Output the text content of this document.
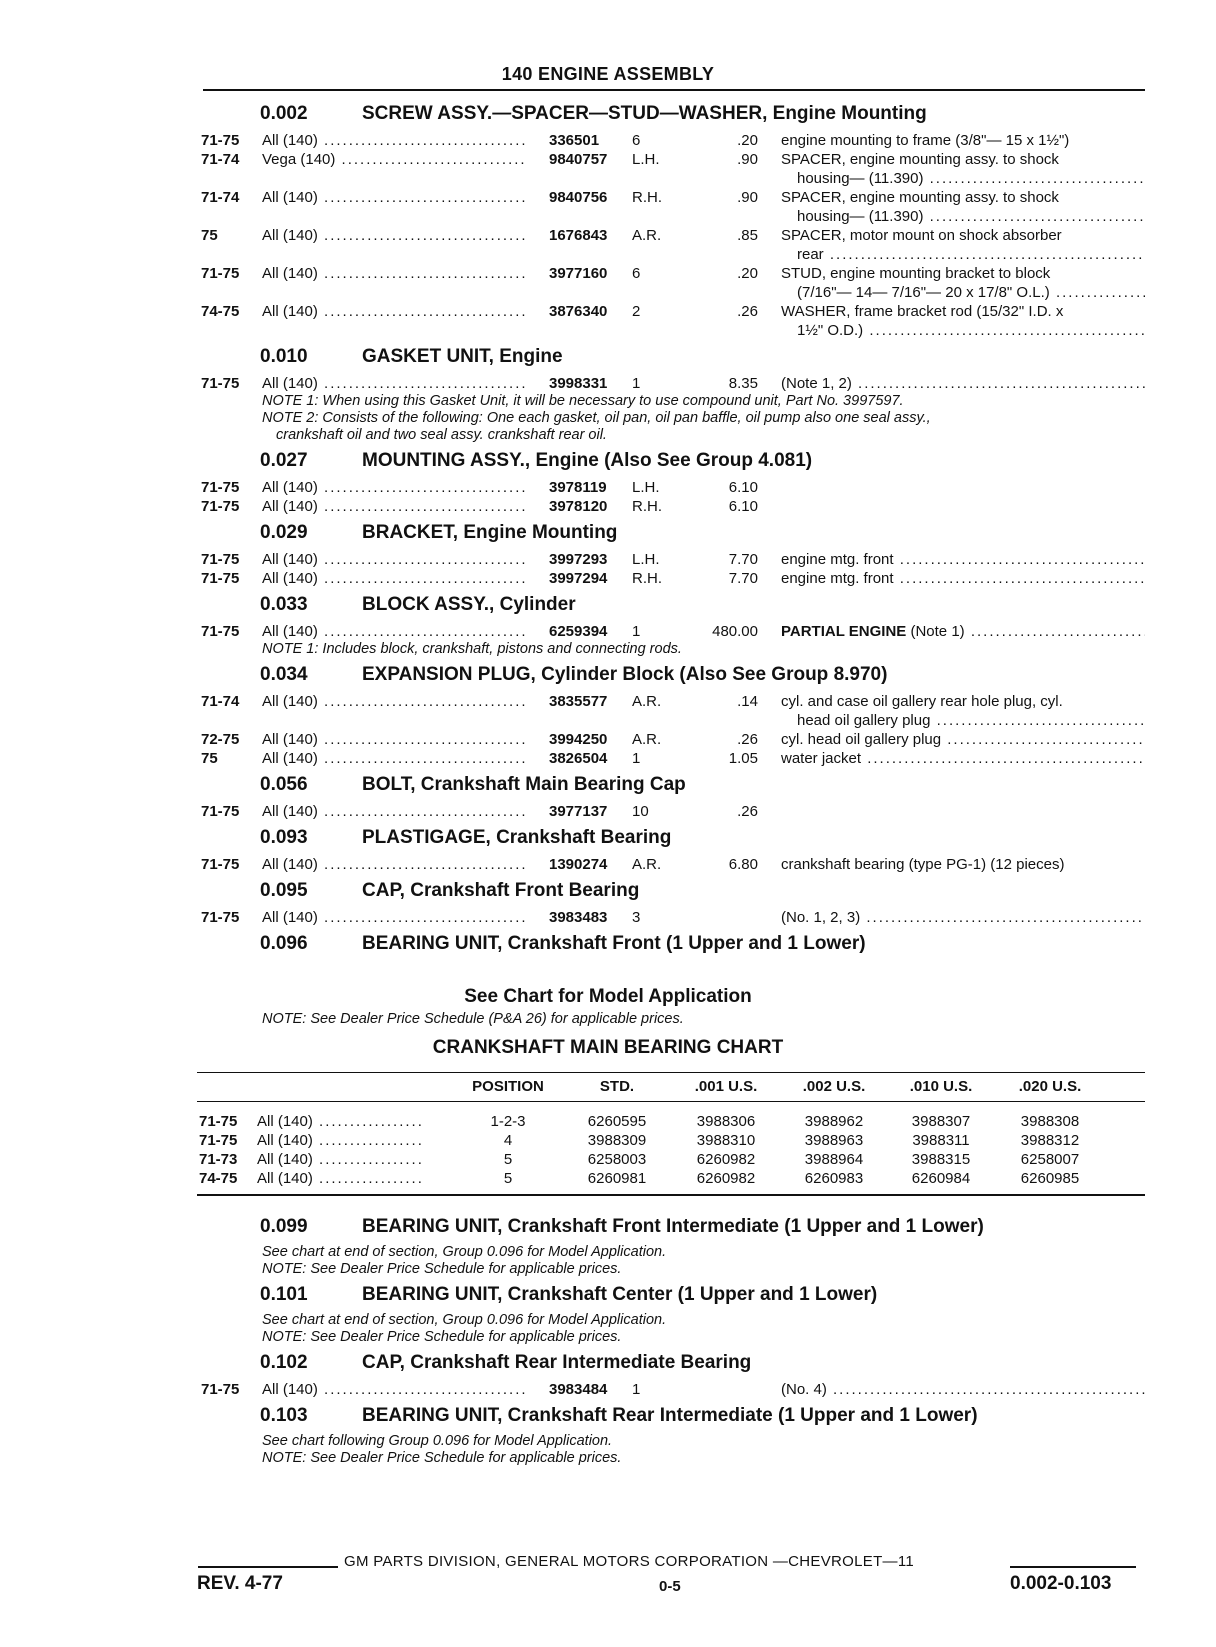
140 ENGINE ASSEMBLY
0.002	SCREW ASSY.—SPACER—STUD—WASHER, Engine Mounting
71-75	All (140) .....	336501	6	.20 engine mounting to frame (3/8"— 15 x 1½")
71-74	Vega (140) .....	9840757	L.H.	.90 SPACER, engine mounting assy. to shock
housing— (11.390) .....
71-74	All (140) .....	9840756	R.H.	.90 SPACER, engine mounting assy. to shock
housing— (11.390) .....
75	All (140) .....	1676843	A.R.	.85 SPACER, motor mount on shock absorber
rear .....
71-75	All (140) .....	3977160	6	.20 STUD, engine mounting bracket to block
(7/16"— 14— 7/16"— 20 x 17/8" O.L.) .....
74-75	All (140) .....	3876340	2	.26 WASHER, frame bracket rod (15/32" I.D. x
1½" O.D.) .....
0.010	GASKET UNIT, Engine
71-75	All (140) .....	3998331	1	8.35 (Note 1, 2) .....
NOTE 1: When using this Gasket Unit, it will be necessary to use compound unit, Part No. 3997597.
NOTE 2: Consists of the following: One each gasket, oil pan, oil pan baffle, oil pump also one seal assy.,
crankshaft oil and two seal assy. crankshaft rear oil.
0.027	MOUNTING ASSY., Engine (Also See Group 4.081)
71-75	All (140) .....	3978119	L.H.	6.10
71-75	All (140) .....	3978120	R.H.	6.10
0.029	BRACKET, Engine Mounting
71-75	All (140) .....	3997293	L.H.	7.70 engine mtg. front .....
71-75	All (140) .....	3997294	R.H.	7.70 engine mtg. front .....
0.033	BLOCK ASSY., Cylinder
71-75	All (140) .....	6259394	1	480.00 PARTIAL ENGINE (Note 1) .....
NOTE 1: Includes block, crankshaft, pistons and connecting rods.
0.034	EXPANSION PLUG, Cylinder Block (Also See Group 8.970)
71-74	All (140) .....	3835577	A.R.	.14 cyl. and case oil gallery rear hole plug, cyl.
head oil gallery plug .....
72-75	All (140) .....	3994250	A.R.	.26 cyl. head oil gallery plug .....
75	All (140) .....	3826504	1	1.05 water jacket .....
0.056	BOLT, Crankshaft Main Bearing Cap
71-75	All (140) .....	3977137	10	.26
0.093	PLASTIGAGE, Crankshaft Bearing
71-75	All (140) .....	1390274	A.R.	6.80 crankshaft bearing (type PG-1) (12 pieces)
0.095	CAP, Crankshaft Front Bearing
71-75	All (140) .....	3983483	3	(No. 1, 2, 3) .....
0.096	BEARING UNIT, Crankshaft Front (1 Upper and 1 Lower)
See Chart for Model Application
NOTE: See Dealer Price Schedule (P&A 26) for applicable prices.
CRANKSHAFT MAIN BEARING CHART
POSITION	STD.	.001 U.S.	.002 U.S.	.010 U.S.	.020 U.S.
71-75	All (140) .....	1-2-3	6260595	3988306	3988962	3988307	3988308
71-75	All (140) .....	4	3988309	3988310	3988963	3988311	3988312
71-73	All (140) .....	5	6258003	6260982	3988964	3988315	6258007
74-75	All (140) .....	5	6260981	6260982	6260983	6260984	6260985
0.099	BEARING UNIT, Crankshaft Front Intermediate (1 Upper and 1 Lower)
See chart at end of section, Group 0.096 for Model Application.
NOTE: See Dealer Price Schedule for applicable prices.
0.101	BEARING UNIT, Crankshaft Center (1 Upper and 1 Lower)
See chart at end of section, Group 0.096 for Model Application.
NOTE: See Dealer Price Schedule for applicable prices.
0.102	CAP, Crankshaft Rear Intermediate Bearing
71-75	All (140) .....	3983484	1	(No. 4) .....
0.103	BEARING UNIT, Crankshaft Rear Intermediate (1 Upper and 1 Lower)
See chart following Group 0.096 for Model Application.
NOTE: See Dealer Price Schedule for applicable prices.
GM PARTS DIVISION, GENERAL MOTORS CORPORATION —CHEVROLET—11
REV. 4-77	0-5	0.002-0.103
